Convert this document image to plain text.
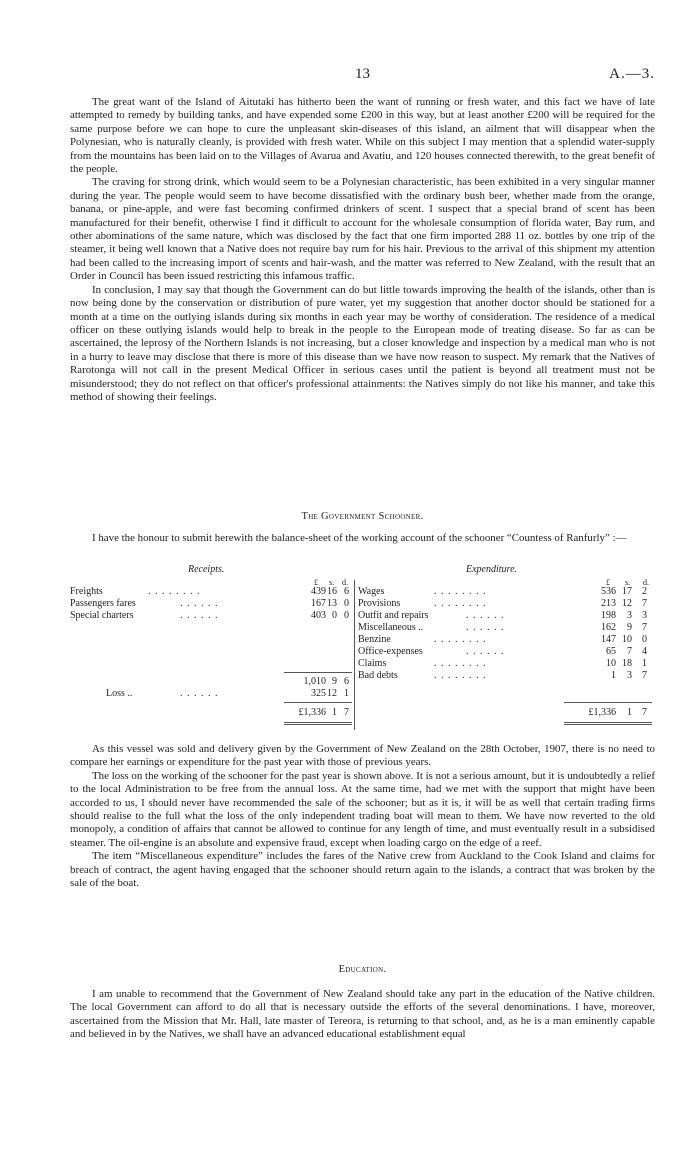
13	A.—3.

The great want of the Island of Aitutaki has hitherto been the want of running or fresh water, and this fact we have of late attempted to remedy by building tanks, and have expended some £200 in this way, but at least another £200 will be required for the same purpose before we can hope to cure the unpleasant skin-diseases of this island, an ailment that will disappear when the Polynesian, who is naturally cleanly, is provided with fresh water. While on this subject I may mention that a splendid water-supply from the mountains has been laid on to the Villages of Avarua and Avatiu, and 120 houses connected therewith, to the great benefit of the people.

The craving for strong drink, which would seem to be a Polynesian characteristic, has been exhibited in a very singular manner during the year. The people would seem to have become dissatisfied with the ordinary bush beer, whether made from the orange, banana, or pine-apple, and were fast becoming confirmed drinkers of scent. I suspect that a special brand of scent has been manufactured for their benefit, otherwise I find it difficult to account for the wholesale consumption of florida water, Bay rum, and other abominations of the same nature, which was disclosed by the fact that one firm imported 288 11 oz. bottles by one trip of the steamer, it being well known that a Native does not require bay rum for his hair. Previous to the arrival of this shipment my attention had been called to the increasing import of scents and hair-wash, and the matter was referred to New Zealand, with the result that an Order in Council has been issued restricting this infamous traffic.

In conclusion, I may say that though the Government can do but little towards improving the health of the islands, other than is now being done by the conservation or distribution of pure water, yet my suggestion that another doctor should be stationed for a month at a time on the outlying islands during six months in each year may be worthy of consideration. The residence of a medical officer on these outlying islands would help to break in the people to the European mode of treating disease. So far as can be ascertained, the leprosy of the Northern Islands is not increasing, but a closer knowledge and inspection by a medical man who is not in a hurry to leave may disclose that there is more of this disease than we have now reason to suspect. My remark that the Natives of Rarotonga will not call in the present Medical Officer in serious cases until the patient is beyond all treatment must not be misunderstood; they do not reflect on that officer's professional attainments: the Natives simply do not like his manner, and take this method of showing their feelings.

The Government Schooner.

I have the honour to submit herewith the balance-sheet of the working account of the schooner “Countess of Ranfurly” :—

Receipts.	Expenditure.
£ s. d.	£ s. d.
Freights	. . . . . . . .	439 16 6
Passengers fares	. . . . . .	167 13 0
Special charters	. . . . . .	403 0 0
1,010 9 6
Loss ..	. . . . . .	325 12 1
£1,336 1 7
Wages	. . . . . . . .	536 17	2
Provisions	. . . . . . . .	213 12	7
Outfit and repairs	. . . . . .	198	3	3
Miscellaneous ..	. . . . . .	162	9	7
Benzine	. . . . . . . .	147 10	0
Office-expenses	. . . . . .	65	7	4
Claims	. . . . . . . .	10 18	1
Bad debts	. . . . . . . .	1	3	7
£1,336	1	7

As this vessel was sold and delivery given by the Government of New Zealand on the 28th October, 1907, there is no need to compare her earnings or expenditure for the past year with those of previous years.

The loss on the working of the schooner for the past year is shown above. It is not a serious amount, but it is undoubtedly a relief to the local Administration to be free from the annual loss. At the same time, had we met with the support that might have been accorded to us, I should never have recommended the sale of the schooner; but as it is, it will be as well that certain trading firms should realise to the full what the loss of the only independent trading boat will mean to them. We have now reverted to the old monopoly, a condition of affairs that cannot be allowed to continue for any length of time, and must eventually result in a subsidised steamer. The oil-engine is an absolute and expensive fraud, except when loading cargo on the edge of a reef.

The item “Miscellaneous expenditure” includes the fares of the Native crew from Auckland to the Cook Island and claims for breach of contract, the agent having engaged that the schooner should return again to the islands, a contract that was broken by the sale of the boat.

Education.

I am unable to recommend that the Government of New Zealand should take any part in the education of the Native children. The local Government can afford to do all that is necessary outside the efforts of the several denominations. I have, moreover, ascertained from the Mission that Mr. Hall, late master of Tereora, is returning to that school, and, as he is a man eminently capable and believed in by the Natives, we shall have an advanced educational establishment equal
